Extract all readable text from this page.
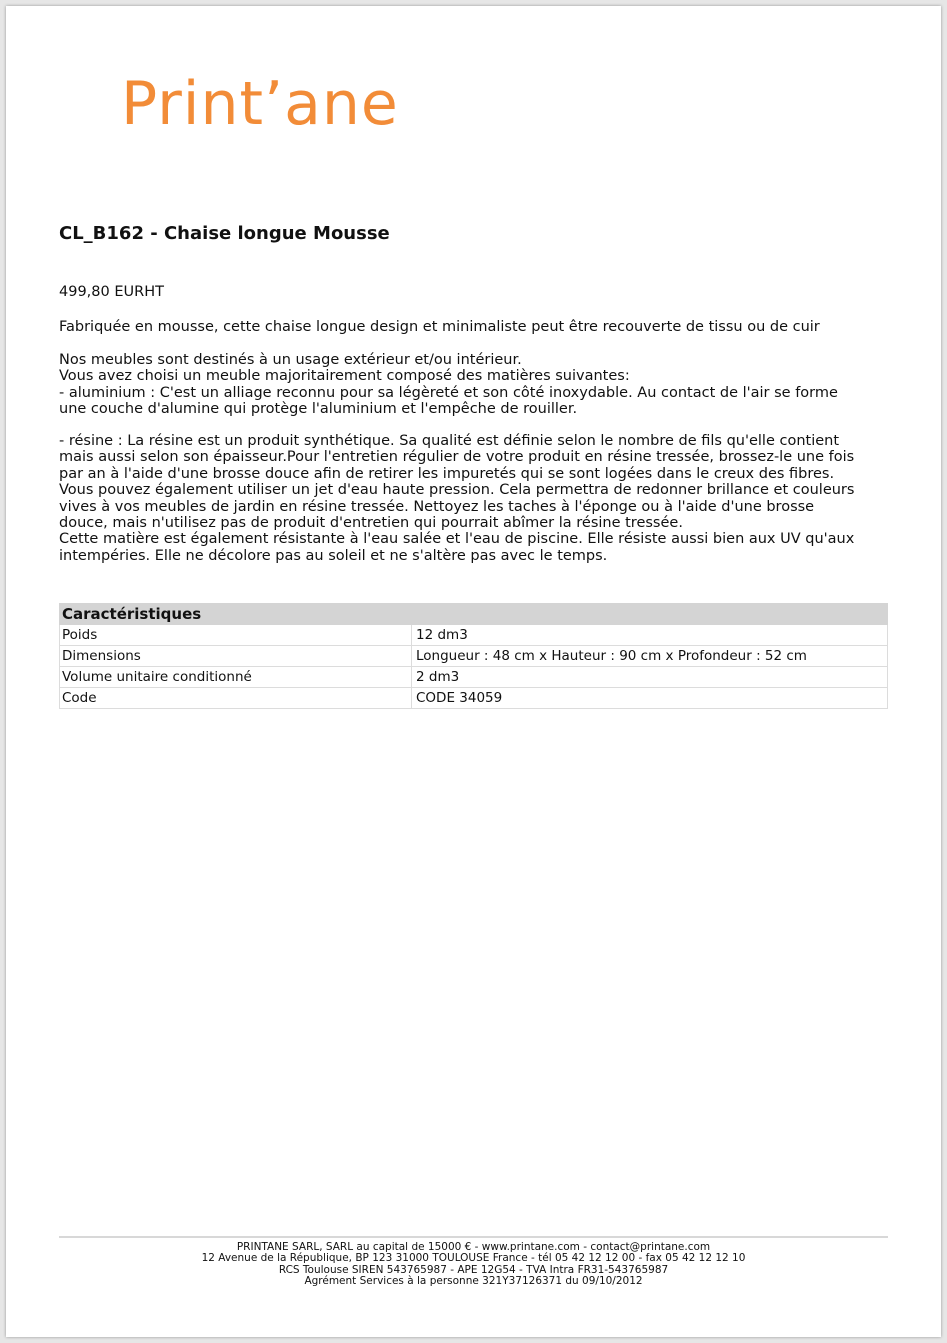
Print’ane
CL_B162 - Chaise longue Mousse
499,80 EURHT
Fabriquée en mousse, cette chaise longue design et minimaliste peut être recouverte de tissu ou de cuir

Nos meubles sont destinés à un usage extérieur et/ou intérieur.

Vous avez choisi un meuble majoritairement composé des matières suivantes:

- aluminium : C'est un alliage reconnu pour sa légèreté et son côté inoxydable. Au contact de l'air se forme une couche d'alumine qui protège l'aluminium et l'empêche de rouiller.

- résine : La résine est un produit synthétique. Sa qualité est définie selon le nombre de fils qu'elle contient mais aussi selon son épaisseur.Pour l'entretien régulier de votre produit en résine tressée, brossez-le une fois par an à l'aide d'une brosse douce afin de retirer les impuretés qui se sont logées dans le creux des fibres. Vous pouvez également utiliser un jet d'eau haute pression. Cela permettra de redonner brillance et couleurs vives à vos meubles de jardin en résine tressée. Nettoyez les taches à l'éponge ou à l'aide d'une brosse douce, mais n'utilisez pas de produit d'entretien qui pourrait abîmer la résine tressée.

Cette matière est également résistante à l'eau salée et l'eau de piscine. Elle résiste aussi bien aux UV qu'aux intempéries. Elle ne décolore pas au soleil et ne s'altère pas avec le temps.

Caractéristiques
Poids	12 dm3
Dimensions	Longueur : 48 cm x Hauteur : 90 cm x Profondeur : 52 cm
Volume unitaire conditionné	2 dm3
Code	CODE 34059
PRINTANE SARL, SARL au capital de 15000 € - www.printane.com - contact@printane.com
12 Avenue de la République, BP 123 31000 TOULOUSE France - tél 05 42 12 12 00 - fax 05 42 12 12 10
RCS Toulouse SIREN 543765987 - APE 12G54 - TVA Intra FR31-543765987
Agrément Services à la personne 321Y37126371 du 09/10/2012
